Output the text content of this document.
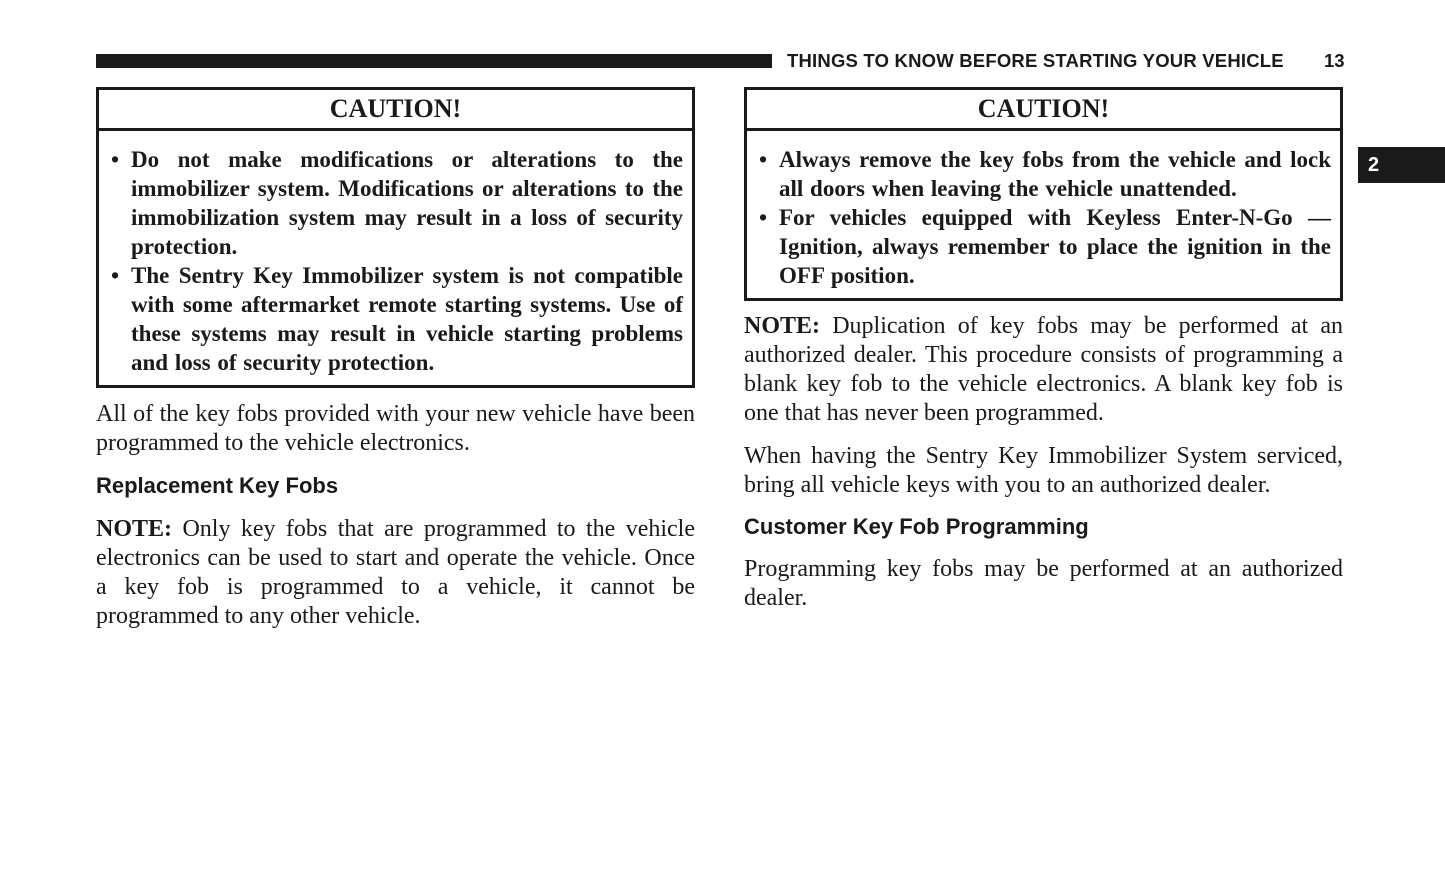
THINGS TO KNOW BEFORE STARTING YOUR VEHICLE 13
2
CAUTION!
• Do not make modifications or alterations to the immobilizer system. Modifications or alterations to the immobilization system may result in a loss of security protection.
• The Sentry Key Immobilizer system is not compatible with some aftermarket remote starting systems. Use of these systems may result in vehicle starting problems and loss of security protection.

All of the key fobs provided with your new vehicle have been programmed to the vehicle electronics.

Replacement Key Fobs

NOTE: Only key fobs that are programmed to the vehicle electronics can be used to start and operate the vehicle. Once a key fob is programmed to a vehicle, it cannot be programmed to any other vehicle.

CAUTION!
• Always remove the key fobs from the vehicle and lock all doors when leaving the vehicle unattended.
• For vehicles equipped with Keyless Enter-N-Go — Ignition, always remember to place the ignition in the OFF position.

NOTE: Duplication of key fobs may be performed at an authorized dealer. This procedure consists of programming a blank key fob to the vehicle electronics. A blank key fob is one that has never been programmed.

When having the Sentry Key Immobilizer System serviced, bring all vehicle keys with you to an authorized dealer.

Customer Key Fob Programming

Programming key fobs may be performed at an authorized dealer.
